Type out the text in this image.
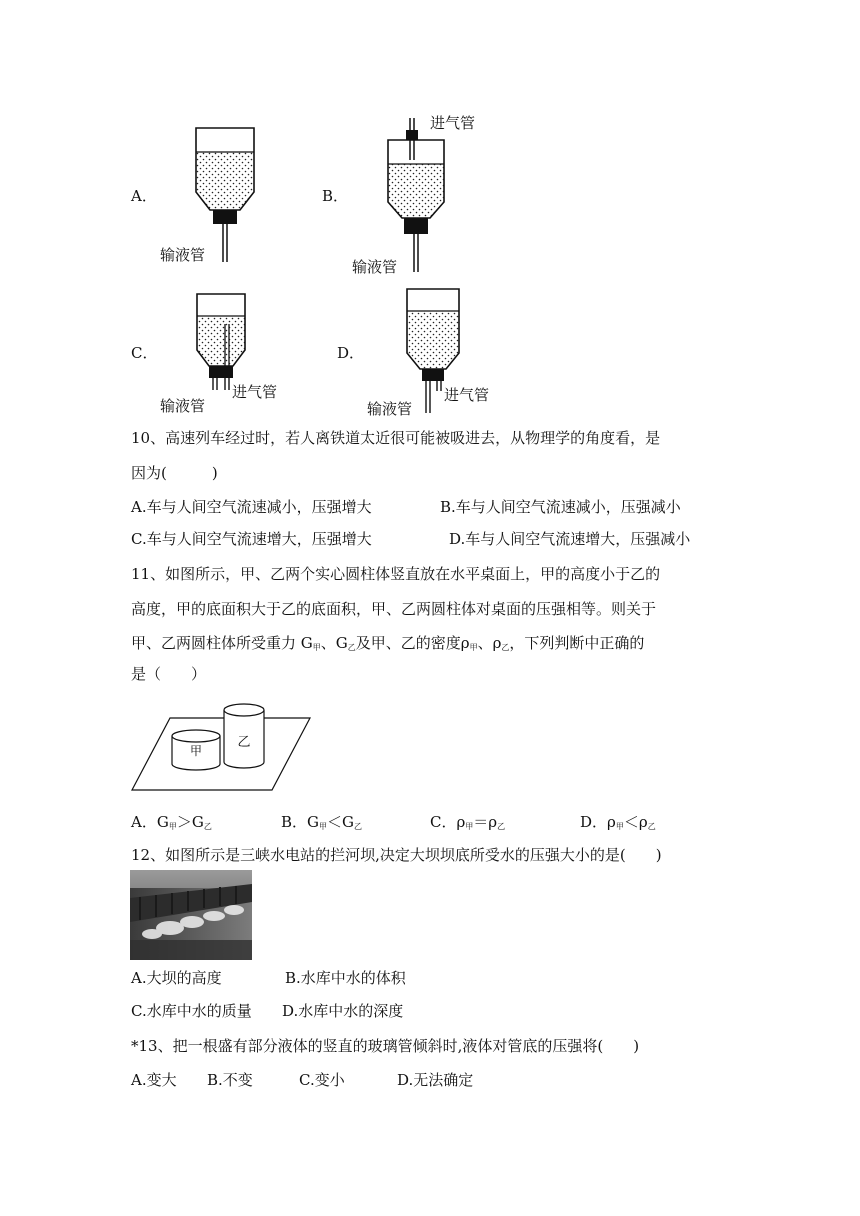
A．
输液管
B．
进气管
输液管
C．
进气管
输液管
D．
进气管
输液管
10、高速列车经过时，若人离铁道太近很可能被吸进去，从物理学的角度看，是
因为(　　　)
A.车与人间空气流速减小，压强增大	B.车与人间空气流速减小，压强减小
C.车与人间空气流速增大，压强增大	D.车与人间空气流速增大，压强减小
11、如图所示，甲、乙两个实心圆柱体竖直放在水平桌面上，甲的高度小于乙的
高度，甲的底面积大于乙的底面积，甲、乙两圆柱体对桌面的压强相等。则关于
甲、乙两圆柱体所受重力 $G_甲$、$G_乙$及甲、乙的密度$\rho_甲$、$\rho_乙$，下列判断中正确的
是（　　）
甲
乙
A．$G_甲>G_乙$	B．$G_甲<G_乙$	C．$\rho_甲=\rho_乙$	D．$\rho_甲<\rho_乙$
12、如图所示是三峡水电站的拦河坝,决定大坝坝底所受水的压强大小的是(　　)
A.大坝的高度	B.水库中水的体积
C.水库中水的质量 D.水库中水的深度
*13、把一根盛有部分液体的竖直的玻璃管倾斜时,液体对管底的压强将(　　)
A.变大 B.不变	C.变小	D.无法确定
